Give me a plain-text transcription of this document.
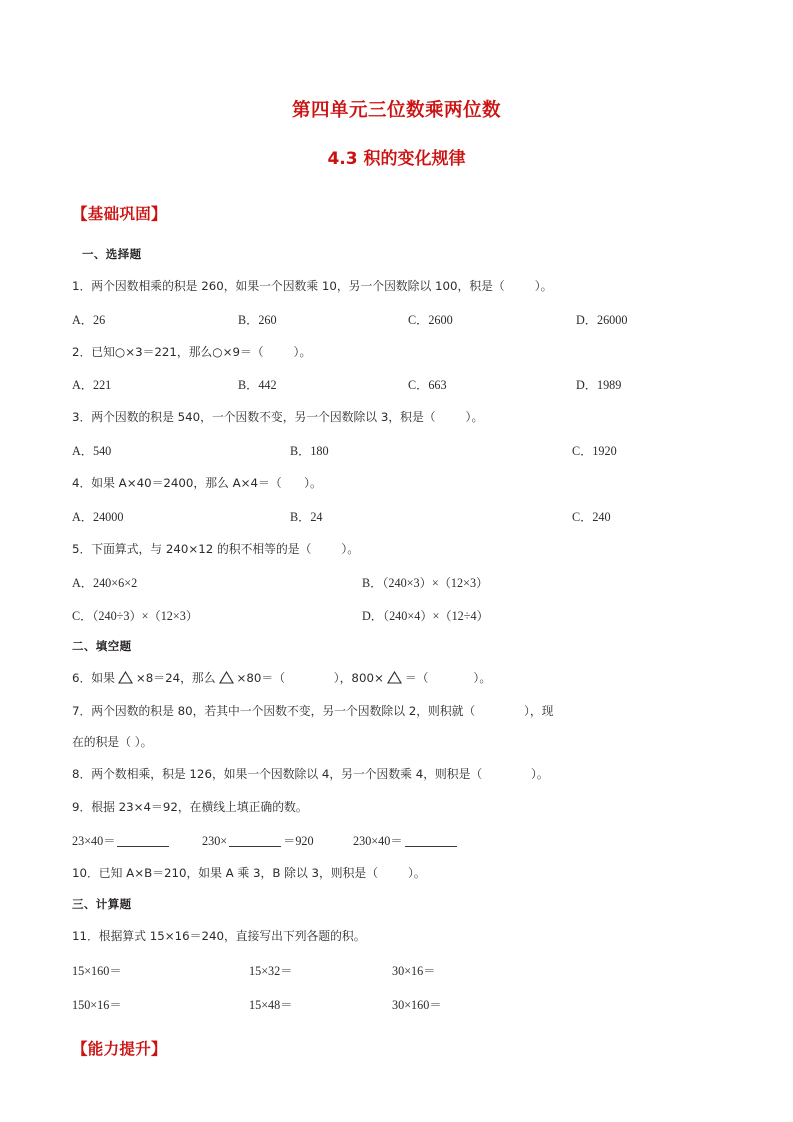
第四单元三位数乘两位数
4.3 积的变化规律
【基础巩固】
一、选择题
1．两个因数相乘的积是 260，如果一个因数乘 10，另一个因数除以 100，积是（        ）。
A．26	B．260	C．2600	D．26000
2．已知○×3＝221，那么○×9＝（        ）。
A．221	B．442	C．663	D．1989
3．两个因数的积是 540，一个因数不变，另一个因数除以 3，积是（        ）。
A．540	B．180	C．1920
4．如果 A×40＝2400，那么 A×4＝（      ）。
A．24000	B．24	C．240
5．下面算式，与 240×12 的积不相等的是（        ）。
A．240×6×2	B．（240×3）×（12×3）
C．（240÷3）×（12×3）	D．（240×4）×（12÷4）
二、填空题
6．如果 ×8＝24，那么 ×80＝（             ），800× ＝（            ）。
7．两个因数的积是 80，若其中一个因数不变，另一个因数除以 2，则积就（             ），现
在的积是（ ）。
8．两个数相乘，积是 126，如果一个因数除以 4，另一个因数乘 4，则积是（             ）。
9．根据 23×4＝92，在横线上填正确的数。
23×40＝	230×	＝920	230×40＝
10．已知 A×B＝210，如果 A 乘 3，B 除以 3，则积是（        ）。
三、计算题
11．根据算式 15×16＝240，直接写出下列各题的积。
15×160＝	15×32＝	30×16＝
150×16＝	15×48＝	30×160＝
【能力提升】
